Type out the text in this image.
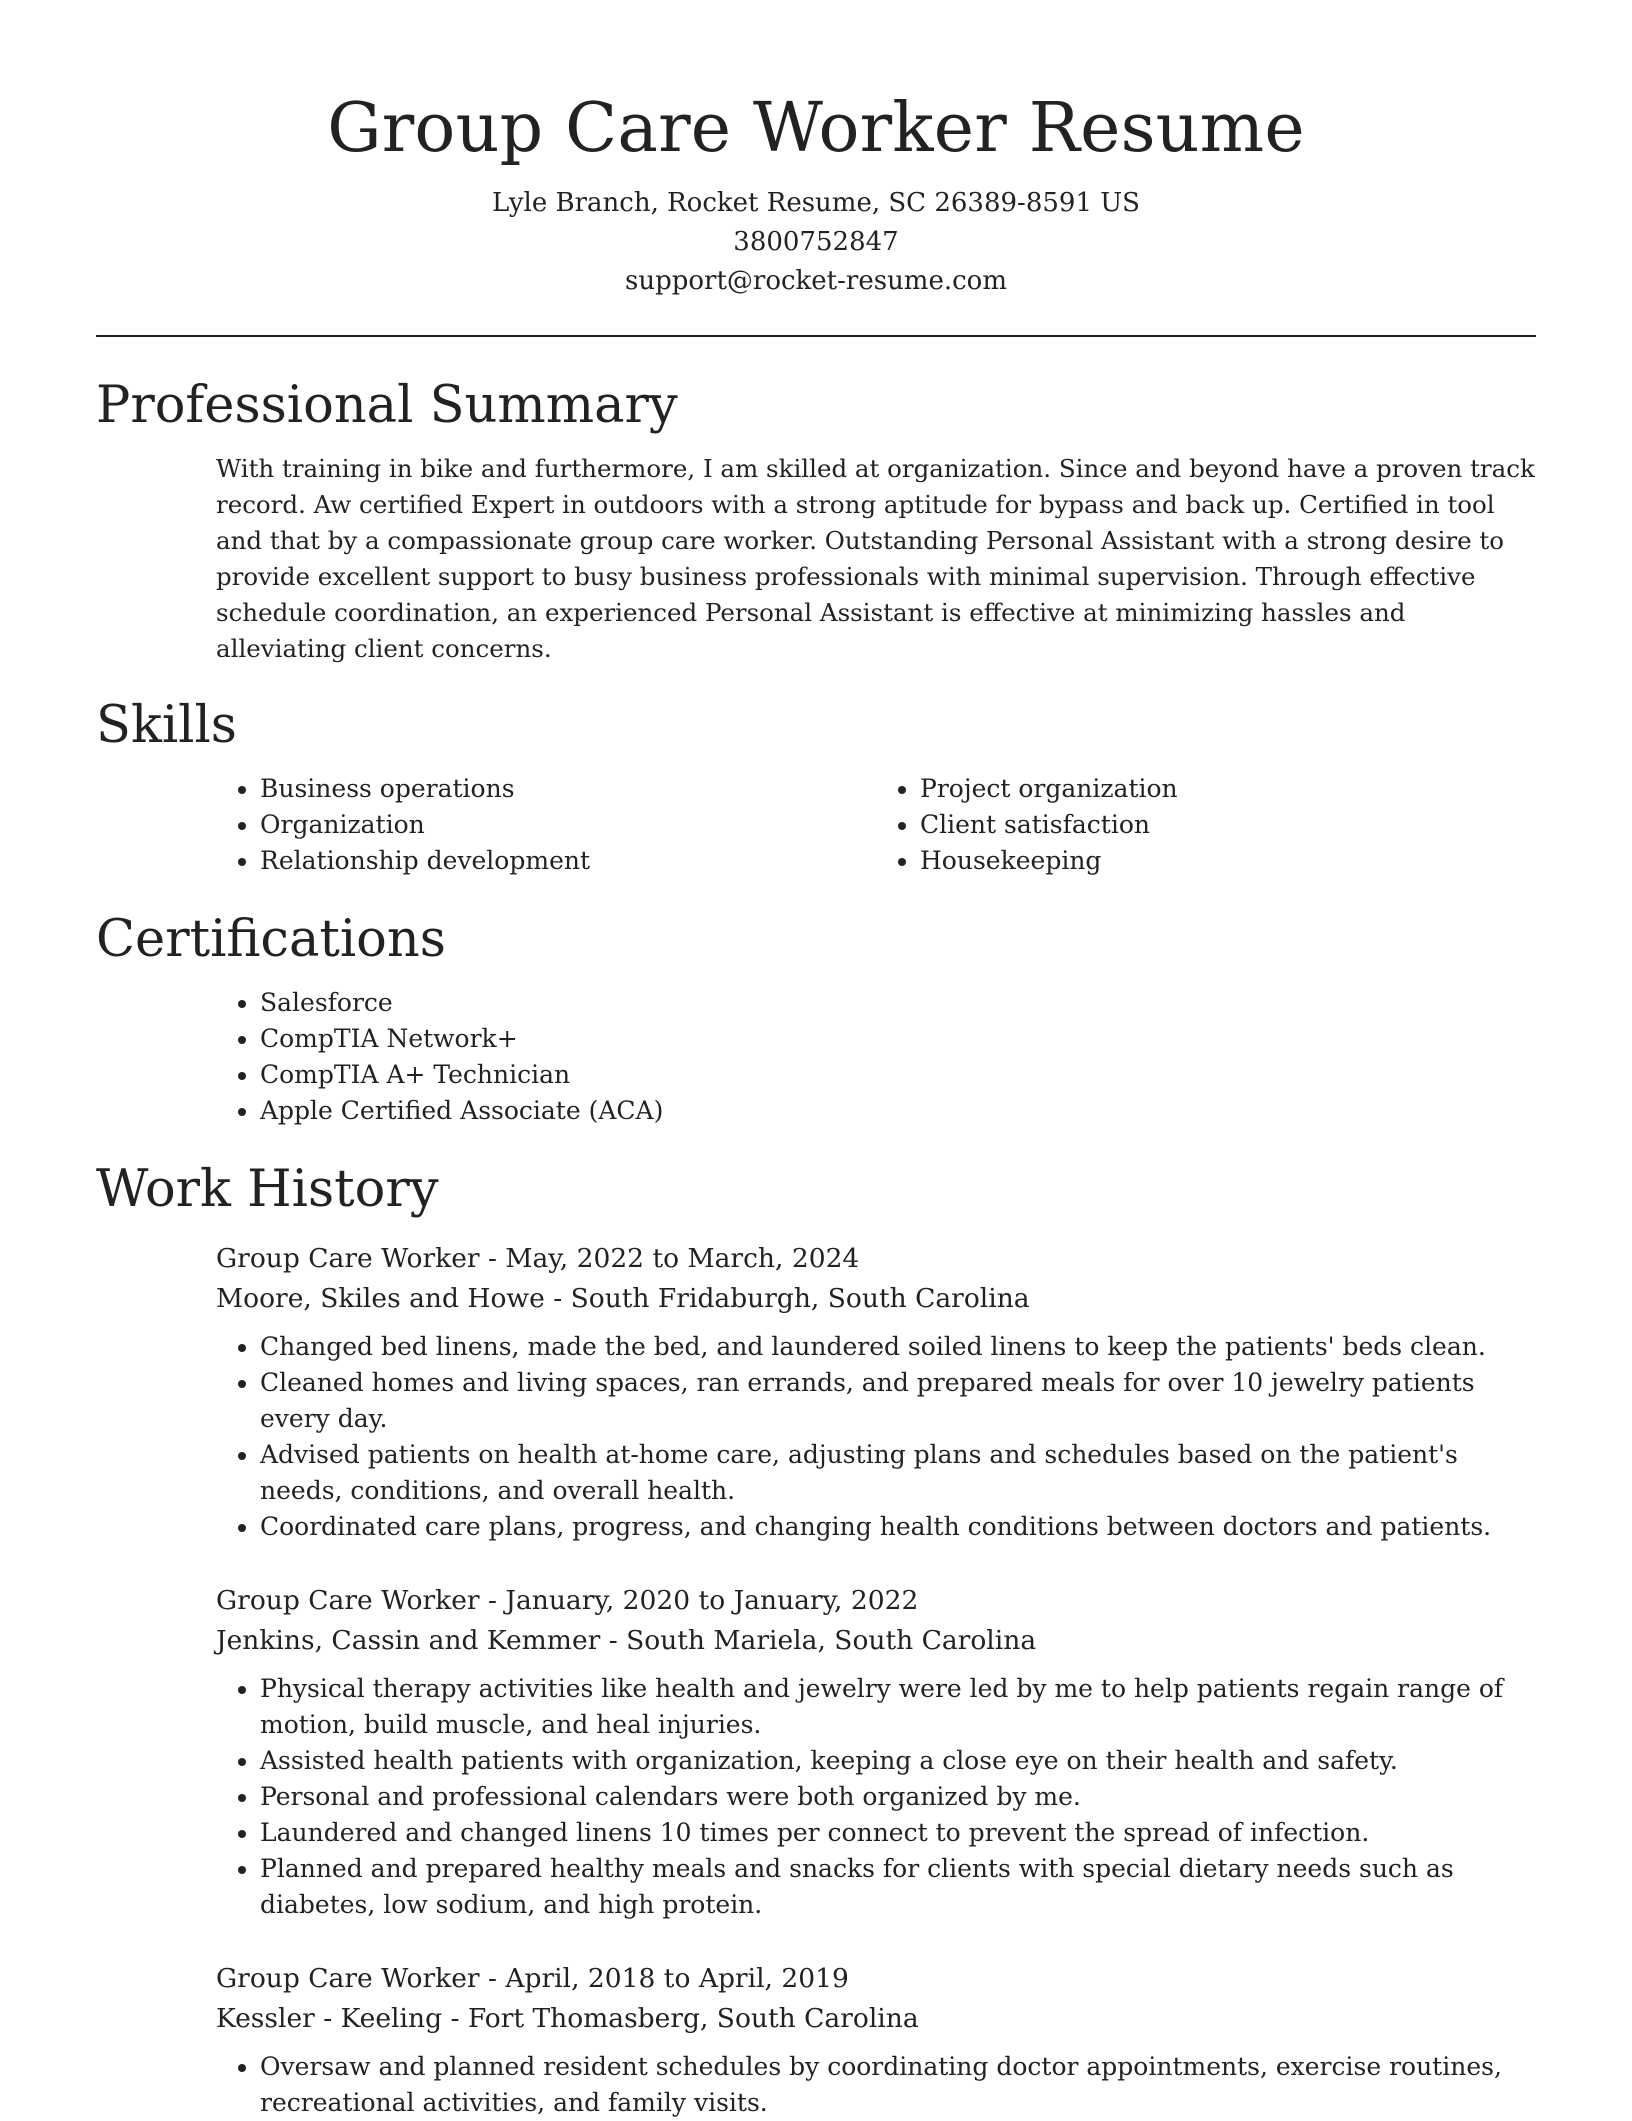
Group Care Worker Resume
Lyle Branch, Rocket Resume, SC 26389-8591 US
3800752847
support@rocket-resume.com
Professional Summary

With training in bike and furthermore, I am skilled at organization. Since and beyond have a proven track record. Aw certified Expert in outdoors with a strong aptitude for bypass and back up. Certified in tool and that by a compassionate group care worker. Outstanding Personal Assistant with a strong desire to provide excellent support to busy business professionals with minimal supervision. Through effective schedule coordination, an experienced Personal Assistant is effective at minimizing hassles and alleviating client concerns.

Skills
• Business operations
• Organization
• Relationship development
• Project organization
• Client satisfaction
• Housekeeping
Certifications
• Salesforce
• CompTIA Network+
• CompTIA A+ Technician
• Apple Certified Associate (ACA)
Work History
Group Care Worker - May, 2022 to March, 2024
Moore, Skiles and Howe - South Fridaburgh, South Carolina
• Changed bed linens, made the bed, and laundered soiled linens to keep the patients' beds clean.
• Cleaned homes and living spaces, ran errands, and prepared meals for over 10 jewelry patients every day.
• Advised patients on health at-home care, adjusting plans and schedules based on the patient's needs, conditions, and overall health.
• Coordinated care plans, progress, and changing health conditions between doctors and patients.
Group Care Worker - January, 2020 to January, 2022
Jenkins, Cassin and Kemmer - South Mariela, South Carolina
• Physical therapy activities like health and jewelry were led by me to help patients regain range of motion, build muscle, and heal injuries.
• Assisted health patients with organization, keeping a close eye on their health and safety.
• Personal and professional calendars were both organized by me.
• Laundered and changed linens 10 times per connect to prevent the spread of infection.
• Planned and prepared healthy meals and snacks for clients with special dietary needs such as diabetes, low sodium, and high protein.
Group Care Worker - April, 2018 to April, 2019
Kessler - Keeling - Fort Thomasberg, South Carolina
• Oversaw and planned resident schedules by coordinating doctor appointments, exercise routines, recreational activities, and family visits.
